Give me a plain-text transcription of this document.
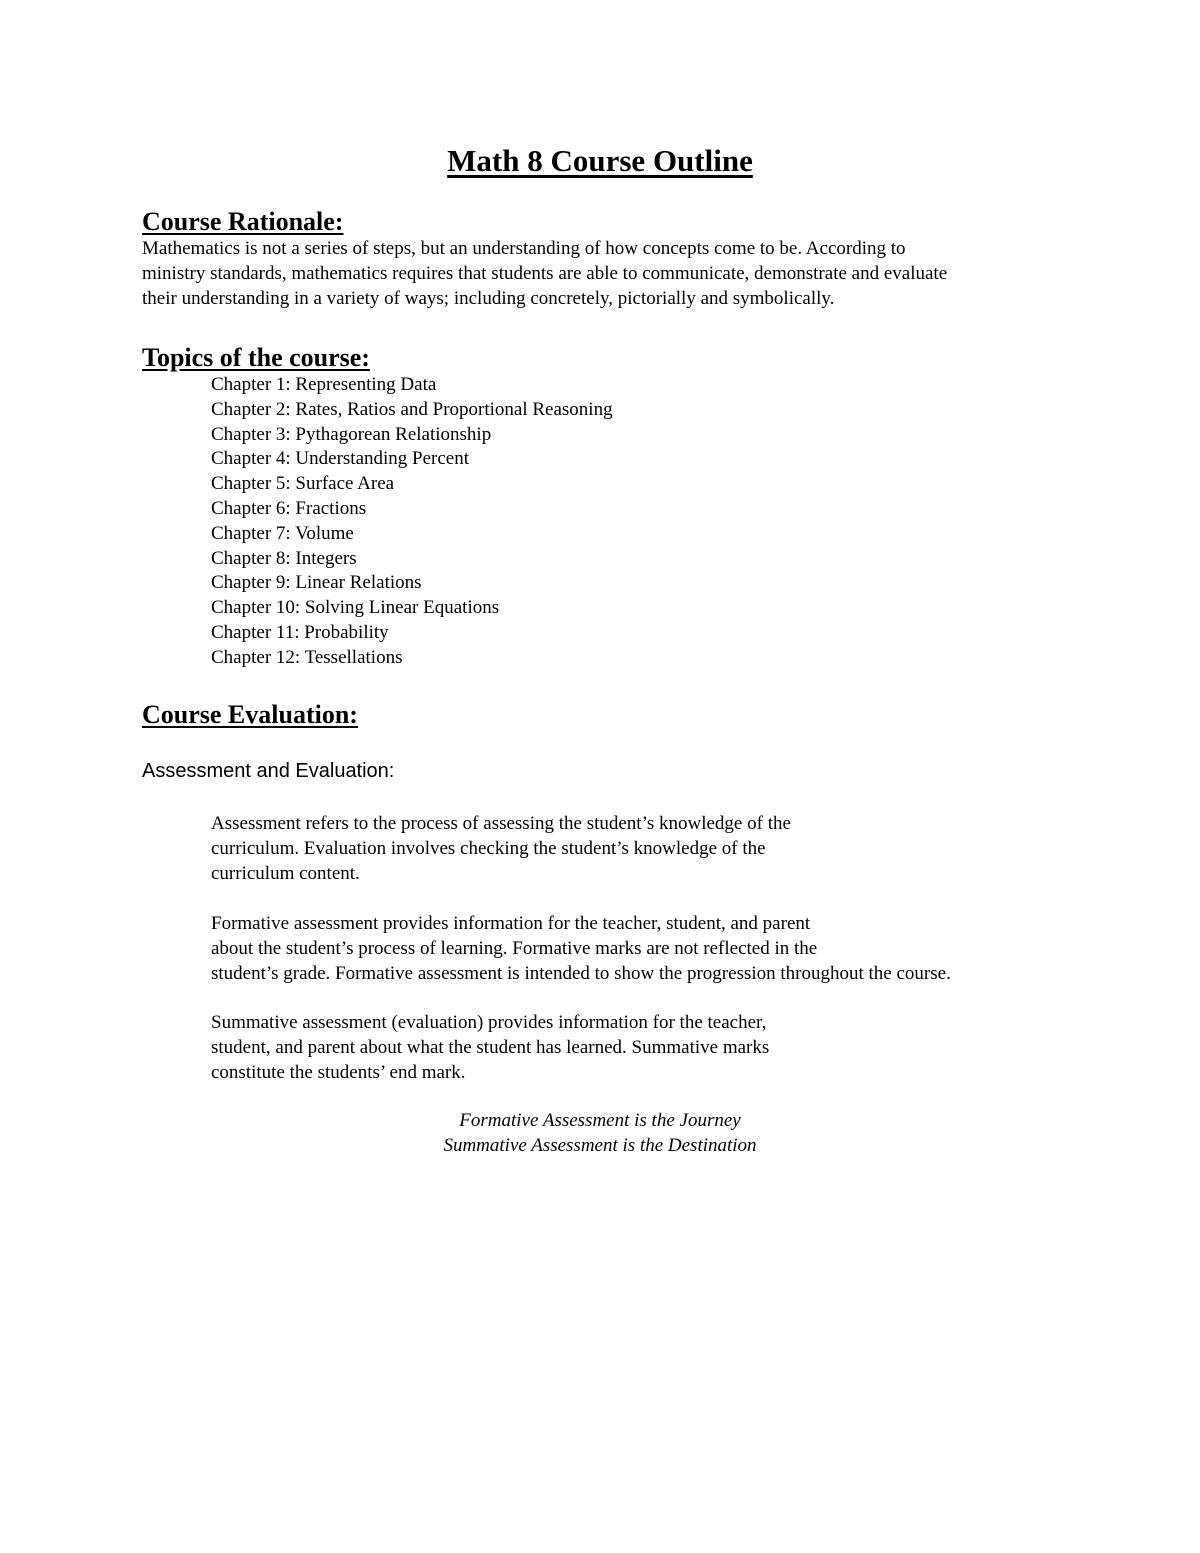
Math 8 Course Outline
Course Rationale:

Mathematics is not a series of steps, but an understanding of how concepts come to be. According to
ministry standards, mathematics requires that students are able to communicate, demonstrate and evaluate
their understanding in a variety of ways; including concretely, pictorially and symbolically.

Topics of the course:
Chapter 1: Representing Data
Chapter 2: Rates, Ratios and Proportional Reasoning
Chapter 3: Pythagorean Relationship
Chapter 4: Understanding Percent
Chapter 5: Surface Area
Chapter 6: Fractions
Chapter 7: Volume
Chapter 8: Integers
Chapter 9: Linear Relations
Chapter 10: Solving Linear Equations
Chapter 11: Probability
Chapter 12: Tessellations
Course Evaluation:

Assessment and Evaluation:

Assessment refers to the process of assessing the student’s knowledge of the
curriculum. Evaluation involves checking the student’s knowledge of the
curriculum content.

Formative assessment provides information for the teacher, student, and parent
about the student’s process of learning. Formative marks are not reflected in the
student’s grade. Formative assessment is intended to show the progression throughout the course.

Summative assessment (evaluation) provides information for the teacher,
student, and parent about what the student has learned. Summative marks
constitute the students’ end mark.

Formative Assessment is the Journey
Summative Assessment is the Destination
